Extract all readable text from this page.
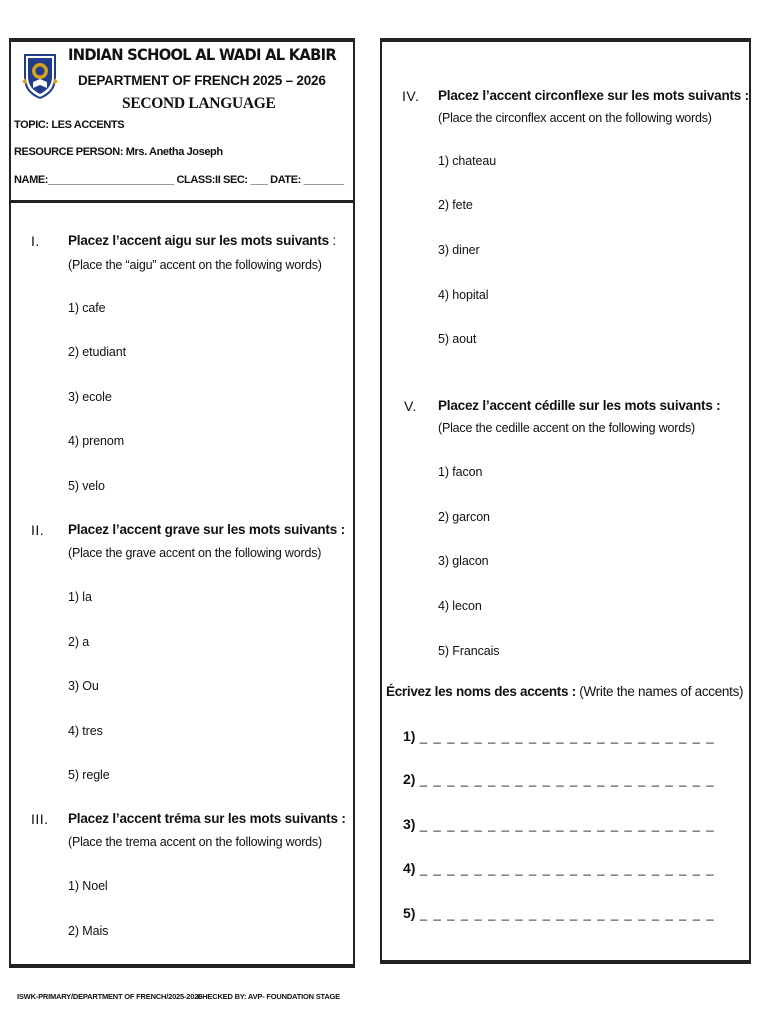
INDIAN SCHOOL AL WADI AL KABIR
DEPARTMENT OF FRENCH 2025 – 2026
SECOND LANGUAGE
TOPIC: LES ACCENTS
RESOURCE PERSON: Mrs. Anetha Joseph
NAME:______________________ CLASS:II SEC: ___ DATE: _______
I. Placez l’accent aigu sur les mots suivants :
(Place the “aigu” accent on the following words)
1) cafe
2) etudiant
3) ecole
4) prenom
5) velo
II. Placez l’accent grave sur les mots suivants :
(Place the grave accent on the following words)
1) la
2) a
3) Ou
4) tres
5) regle
III. Placez l’accent tréma sur les mots suivants :
(Place the trema accent on the following words)
1) Noel
2) Mais
IV. Placez l’accent circonflexe sur les mots suivants :
(Place the circonflex accent on the following words)
1) chateau
2) fete
3) diner
4) hopital
5) aout
V. Placez l’accent cédille sur les mots suivants :
(Place the cedille accent on the following words)
1) facon
2) garcon
3) glacon
4) lecon
5) Francais
Écrivez les noms des accents : (Write the names of accents)
1) _ _ _ _ _ _ _ _ _ _ _ _ _ _ _ _ _ _ _ _ _ _
2) _ _ _ _ _ _ _ _ _ _ _ _ _ _ _ _ _ _ _ _ _ _
3) _ _ _ _ _ _ _ _ _ _ _ _ _ _ _ _ _ _ _ _ _ _
4) _ _ _ _ _ _ _ _ _ _ _ _ _ _ _ _ _ _ _ _ _ _
5) _ _ _ _ _ _ _ _ _ _ _ _ _ _ _ _ _ _ _ _ _ _
ISWK-PRIMARY/DEPARTMENT OF FRENCH/2025-2026
CHECKED BY: AVP- FOUNDATION STAGE
